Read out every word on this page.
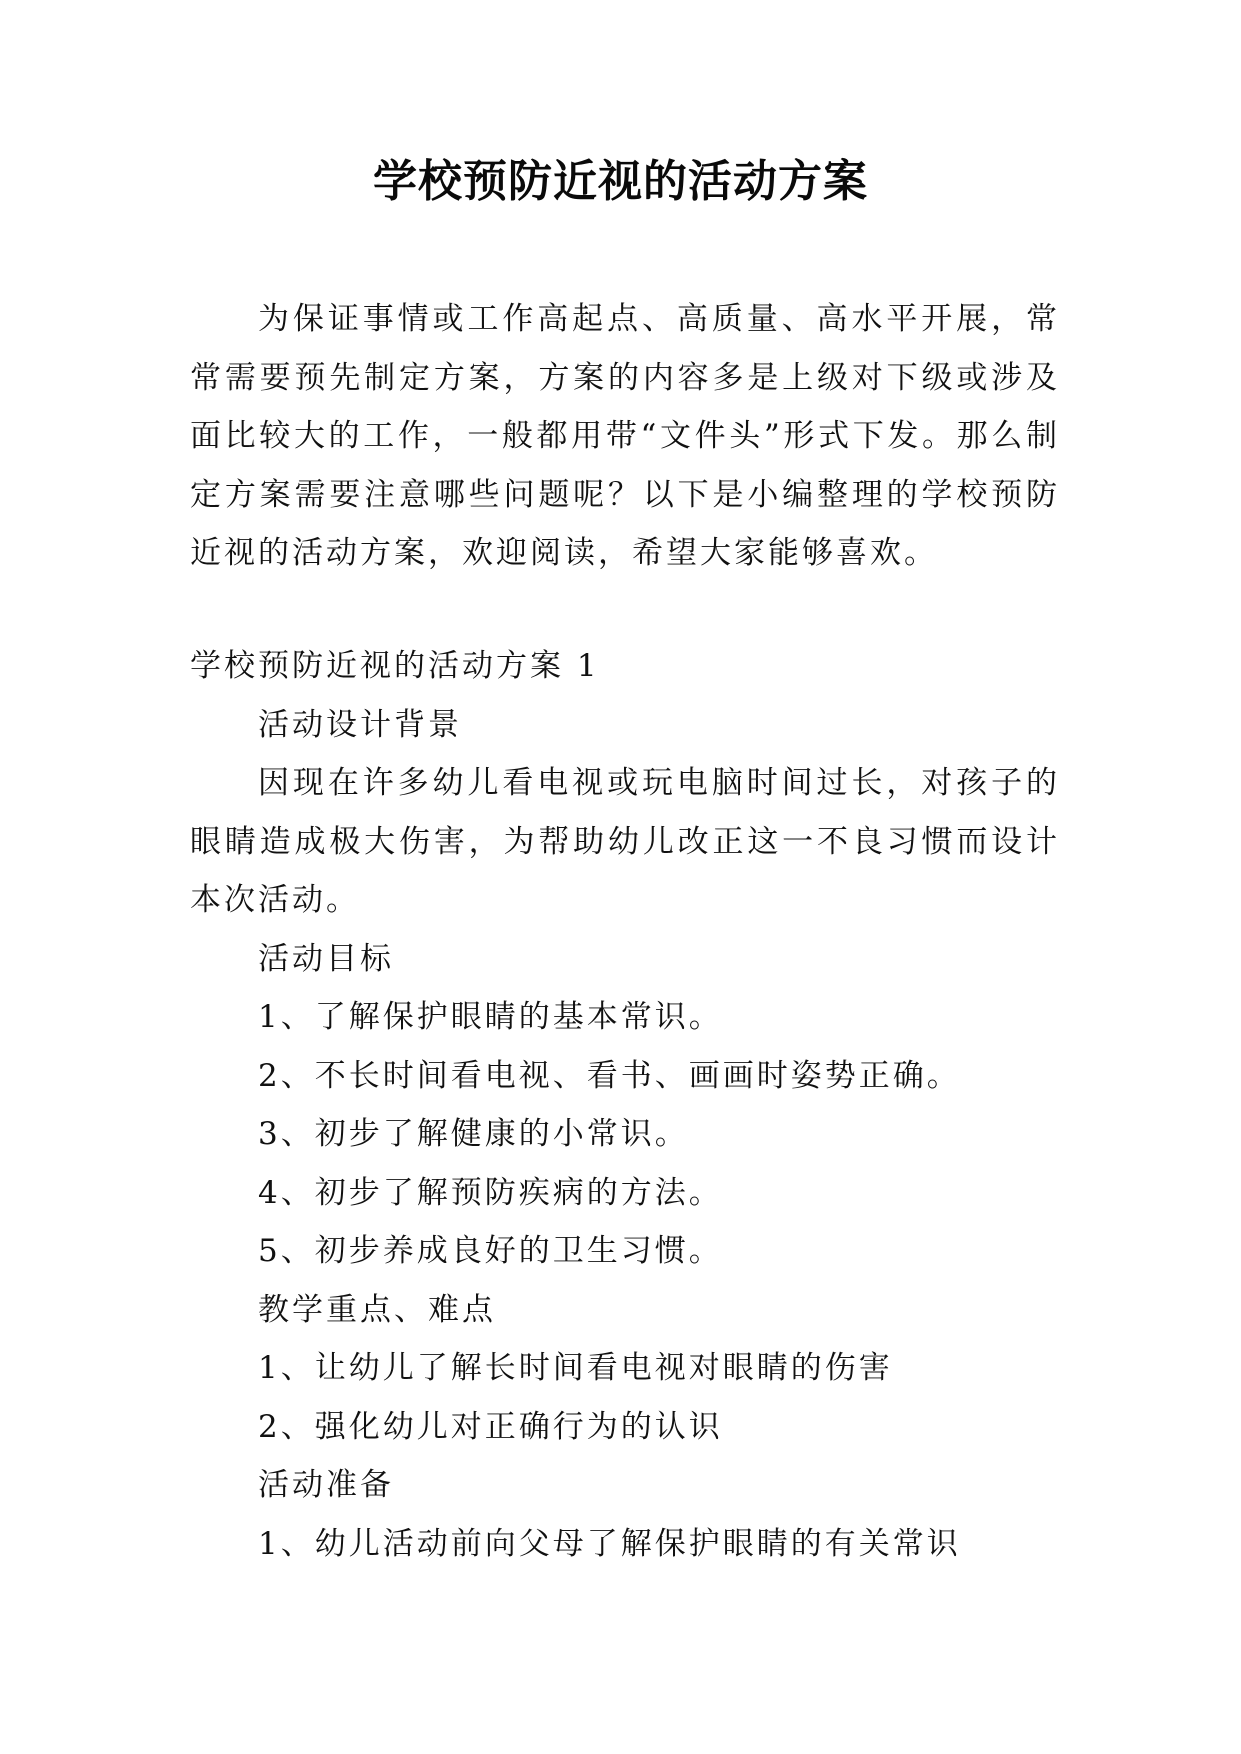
学校预防近视的活动方案

为保证事情或工作高起点、高质量、高水平开展，常常需要预先制定方案，方案的内容多是上级对下级或涉及面比较大的工作，一般都用带“文件头”形式下发。那么制定方案需要注意哪些问题呢？以下是小编整理的学校预防近视的活动方案，欢迎阅读，希望大家能够喜欢。

学校预防近视的活动方案 1

活动设计背景

因现在许多幼儿看电视或玩电脑时间过长，对孩子的眼睛造成极大伤害，为帮助幼儿改正这一不良习惯而设计本次活动。

活动目标

1、了解保护眼睛的基本常识。

2、不长时间看电视、看书、画画时姿势正确。

3、初步了解健康的小常识。

4、初步了解预防疾病的方法。

5、初步养成良好的卫生习惯。

教学重点、难点

1、让幼儿了解长时间看电视对眼睛的伤害

2、强化幼儿对正确行为的认识

活动准备

1、幼儿活动前向父母了解保护眼睛的有关常识
